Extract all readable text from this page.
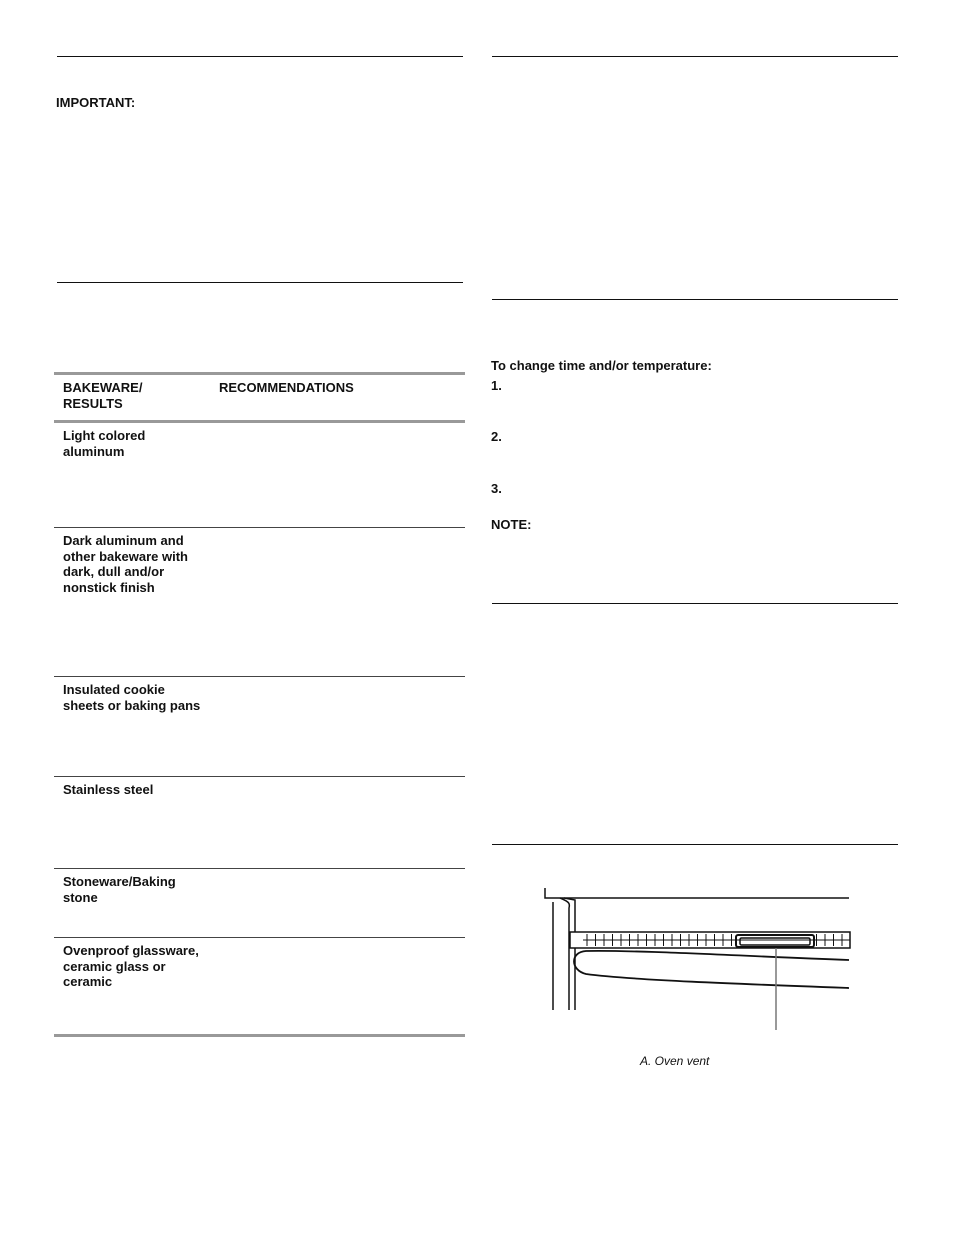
IMPORTANT:

BAKEWARE/
RESULTS	RECOMMENDATIONS
Light colored aluminum	
Dark aluminum and other bakeware with dark, dull and/or nonstick finish	
Insulated cookie sheets or baking pans	
Stainless steel	
Stoneware/Baking stone	
Ovenproof glassware, ceramic glass or ceramic	

To change time and/or temperature:

1.

2.

3.

NOTE:

A. Oven vent
